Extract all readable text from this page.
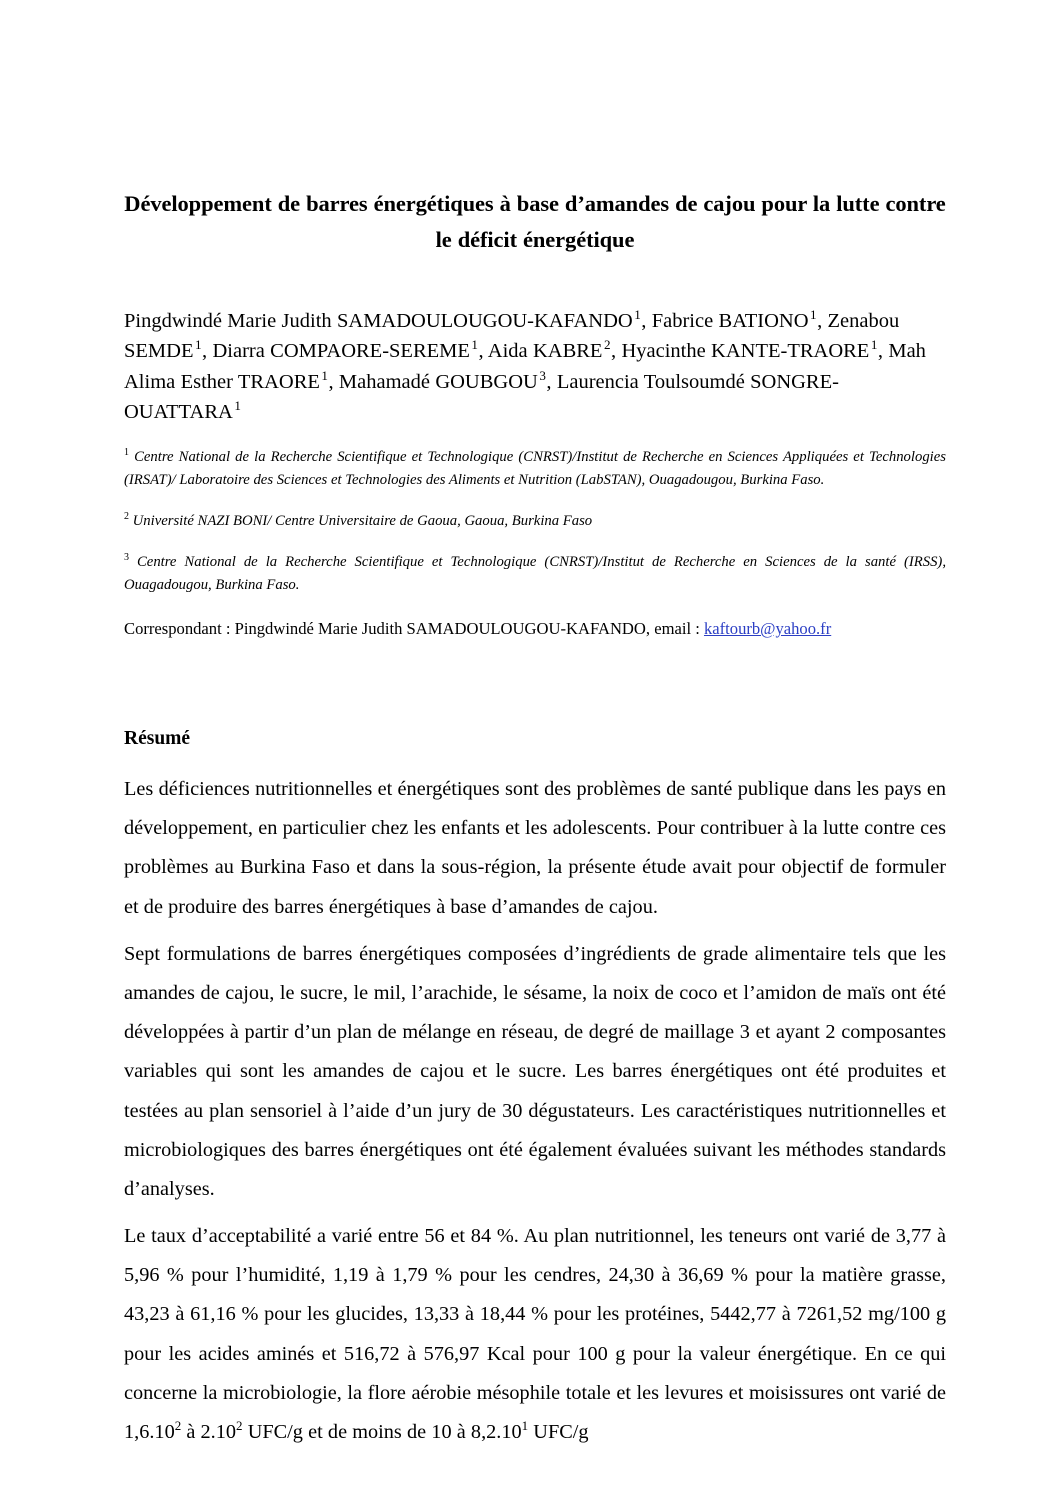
Développement de barres énergétiques à base d’amandes de cajou pour la lutte contre le déficit énergétique

Pingdwindé Marie Judith SAMADOULOUGOU-KAFANDO $^1$, Fabrice BATIONO $^1$, Zenabou SEMDE $^1$, Diarra COMPAORE-SEREME $^1$, Aida KABRE $^2$, Hyacinthe KANTE-TRAORE $^1$, Mah Alima Esther TRAORE $^1$, Mahamadé GOUBGOU $^3$, Laurencia Toulsoumdé SONGRE-OUATTARA $^1$

$^1$ Centre National de la Recherche Scientifique et Technologique (CNRST)/Institut de Recherche en Sciences Appliquées et Technologies (IRSAT)/ Laboratoire des Sciences et Technologies des Aliments et Nutrition (LabSTAN), Ouagadougou, Burkina Faso.

$^2$ Université NAZI BONI/ Centre Universitaire de Gaoua, Gaoua, Burkina Faso

$^3$ Centre National de la Recherche Scientifique et Technologique (CNRST)/Institut de Recherche en Sciences de la santé (IRSS), Ouagadougou, Burkina Faso.

Correspondant : Pingdwindé Marie Judith SAMADOULOUGOU-KAFANDO, email : kaftourb@yahoo.fr

Résumé

Les déficiences nutritionnelles et énergétiques sont des problèmes de santé publique dans les pays en développement, en particulier chez les enfants et les adolescents. Pour contribuer à la lutte contre ces problèmes au Burkina Faso et dans la sous-région, la présente étude avait pour objectif de formuler et de produire des barres énergétiques à base d’amandes de cajou.

Sept formulations de barres énergétiques composées d’ingrédients de grade alimentaire tels que les amandes de cajou, le sucre, le mil, l’arachide, le sésame, la noix de coco et l’amidon de maïs ont été développées à partir d’un plan de mélange en réseau, de degré de maillage 3 et ayant 2 composantes variables qui sont les amandes de cajou et le sucre. Les barres énergétiques ont été produites et testées au plan sensoriel à l’aide d’un jury de 30 dégustateurs. Les caractéristiques nutritionnelles et microbiologiques des barres énergétiques ont été également évaluées suivant les méthodes standards d’analyses.

Le taux d’acceptabilité a varié entre 56 et 84 %. Au plan nutritionnel, les teneurs ont varié de 3,77 à 5,96 % pour l’humidité, 1,19 à 1,79 % pour les cendres, 24,30 à 36,69 % pour la matière grasse, 43,23 à 61,16 % pour les glucides, 13,33 à 18,44 % pour les protéines, 5442,77 à 7261,52 mg/100 g pour les acides aminés et 516,72 à 576,97 Kcal pour 100 g pour la valeur énergétique. En ce qui concerne la microbiologie, la flore aérobie mésophile totale et les levures et moisissures ont varié de 1,6.10$^2$ à 2.10$^2$ UFC/g et de moins de 10 à 8,2.10$^1$ UFC/g
